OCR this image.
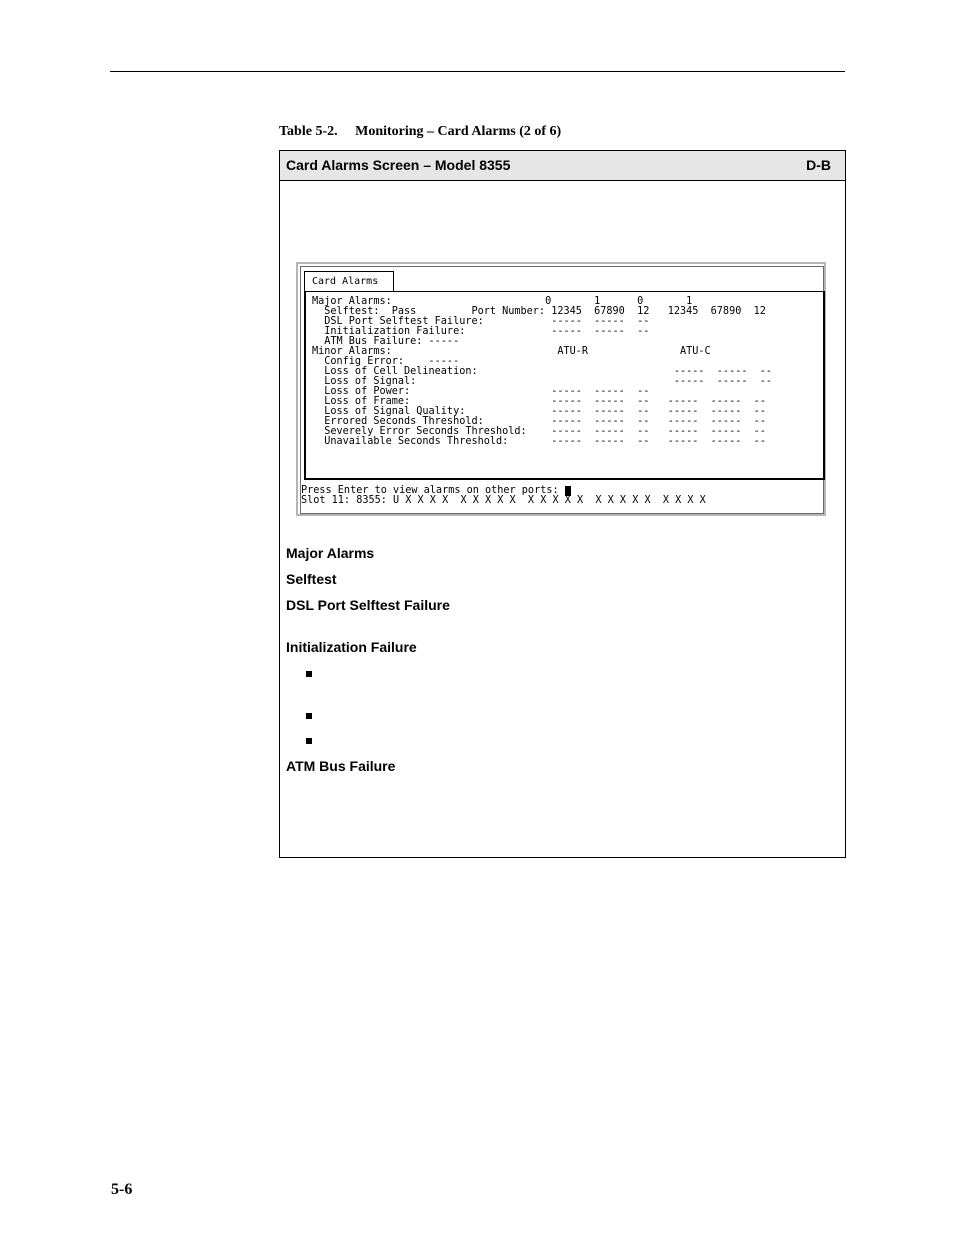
Table 5-2.     Monitoring – Card Alarms (2 of 6)
Card Alarms Screen – Model 8355	D-B
Card Alarms
Major Alarms:                         0       1      0       1
Selftest:  Pass         Port Number: 12345  67890  12   12345  67890  12
DSL Port Selftest Failure:           -----  -----  --
Initialization Failure:              -----  -----  --
ATM Bus Failure: -----
Minor Alarms:                           ATU-R               ATU-C
Config Error:    -----
Loss of Cell Delineation:                                -----  -----  --
Loss of Signal:                                          -----  -----  --
Loss of Power:                       -----  -----  --
Loss of Frame:                       -----  -----  --   -----  -----  --
Loss of Signal Quality:              -----  -----  --   -----  -----  --
Errored Seconds Threshold:           -----  -----  --   -----  -----  --
Severely Error Seconds Threshold:    -----  -----  --   -----  -----  --
Unavailable Seconds Threshold:       -----  -----  --   -----  -----  --
Press Enter to view alarms on other ports:
Slot 11: 8355: U X X X X  X X X X X  X X X X X  X X X X X  X X X X
Major Alarms
Selftest
DSL Port Selftest Failure
Initialization Failure
ATM Bus Failure
5-6
